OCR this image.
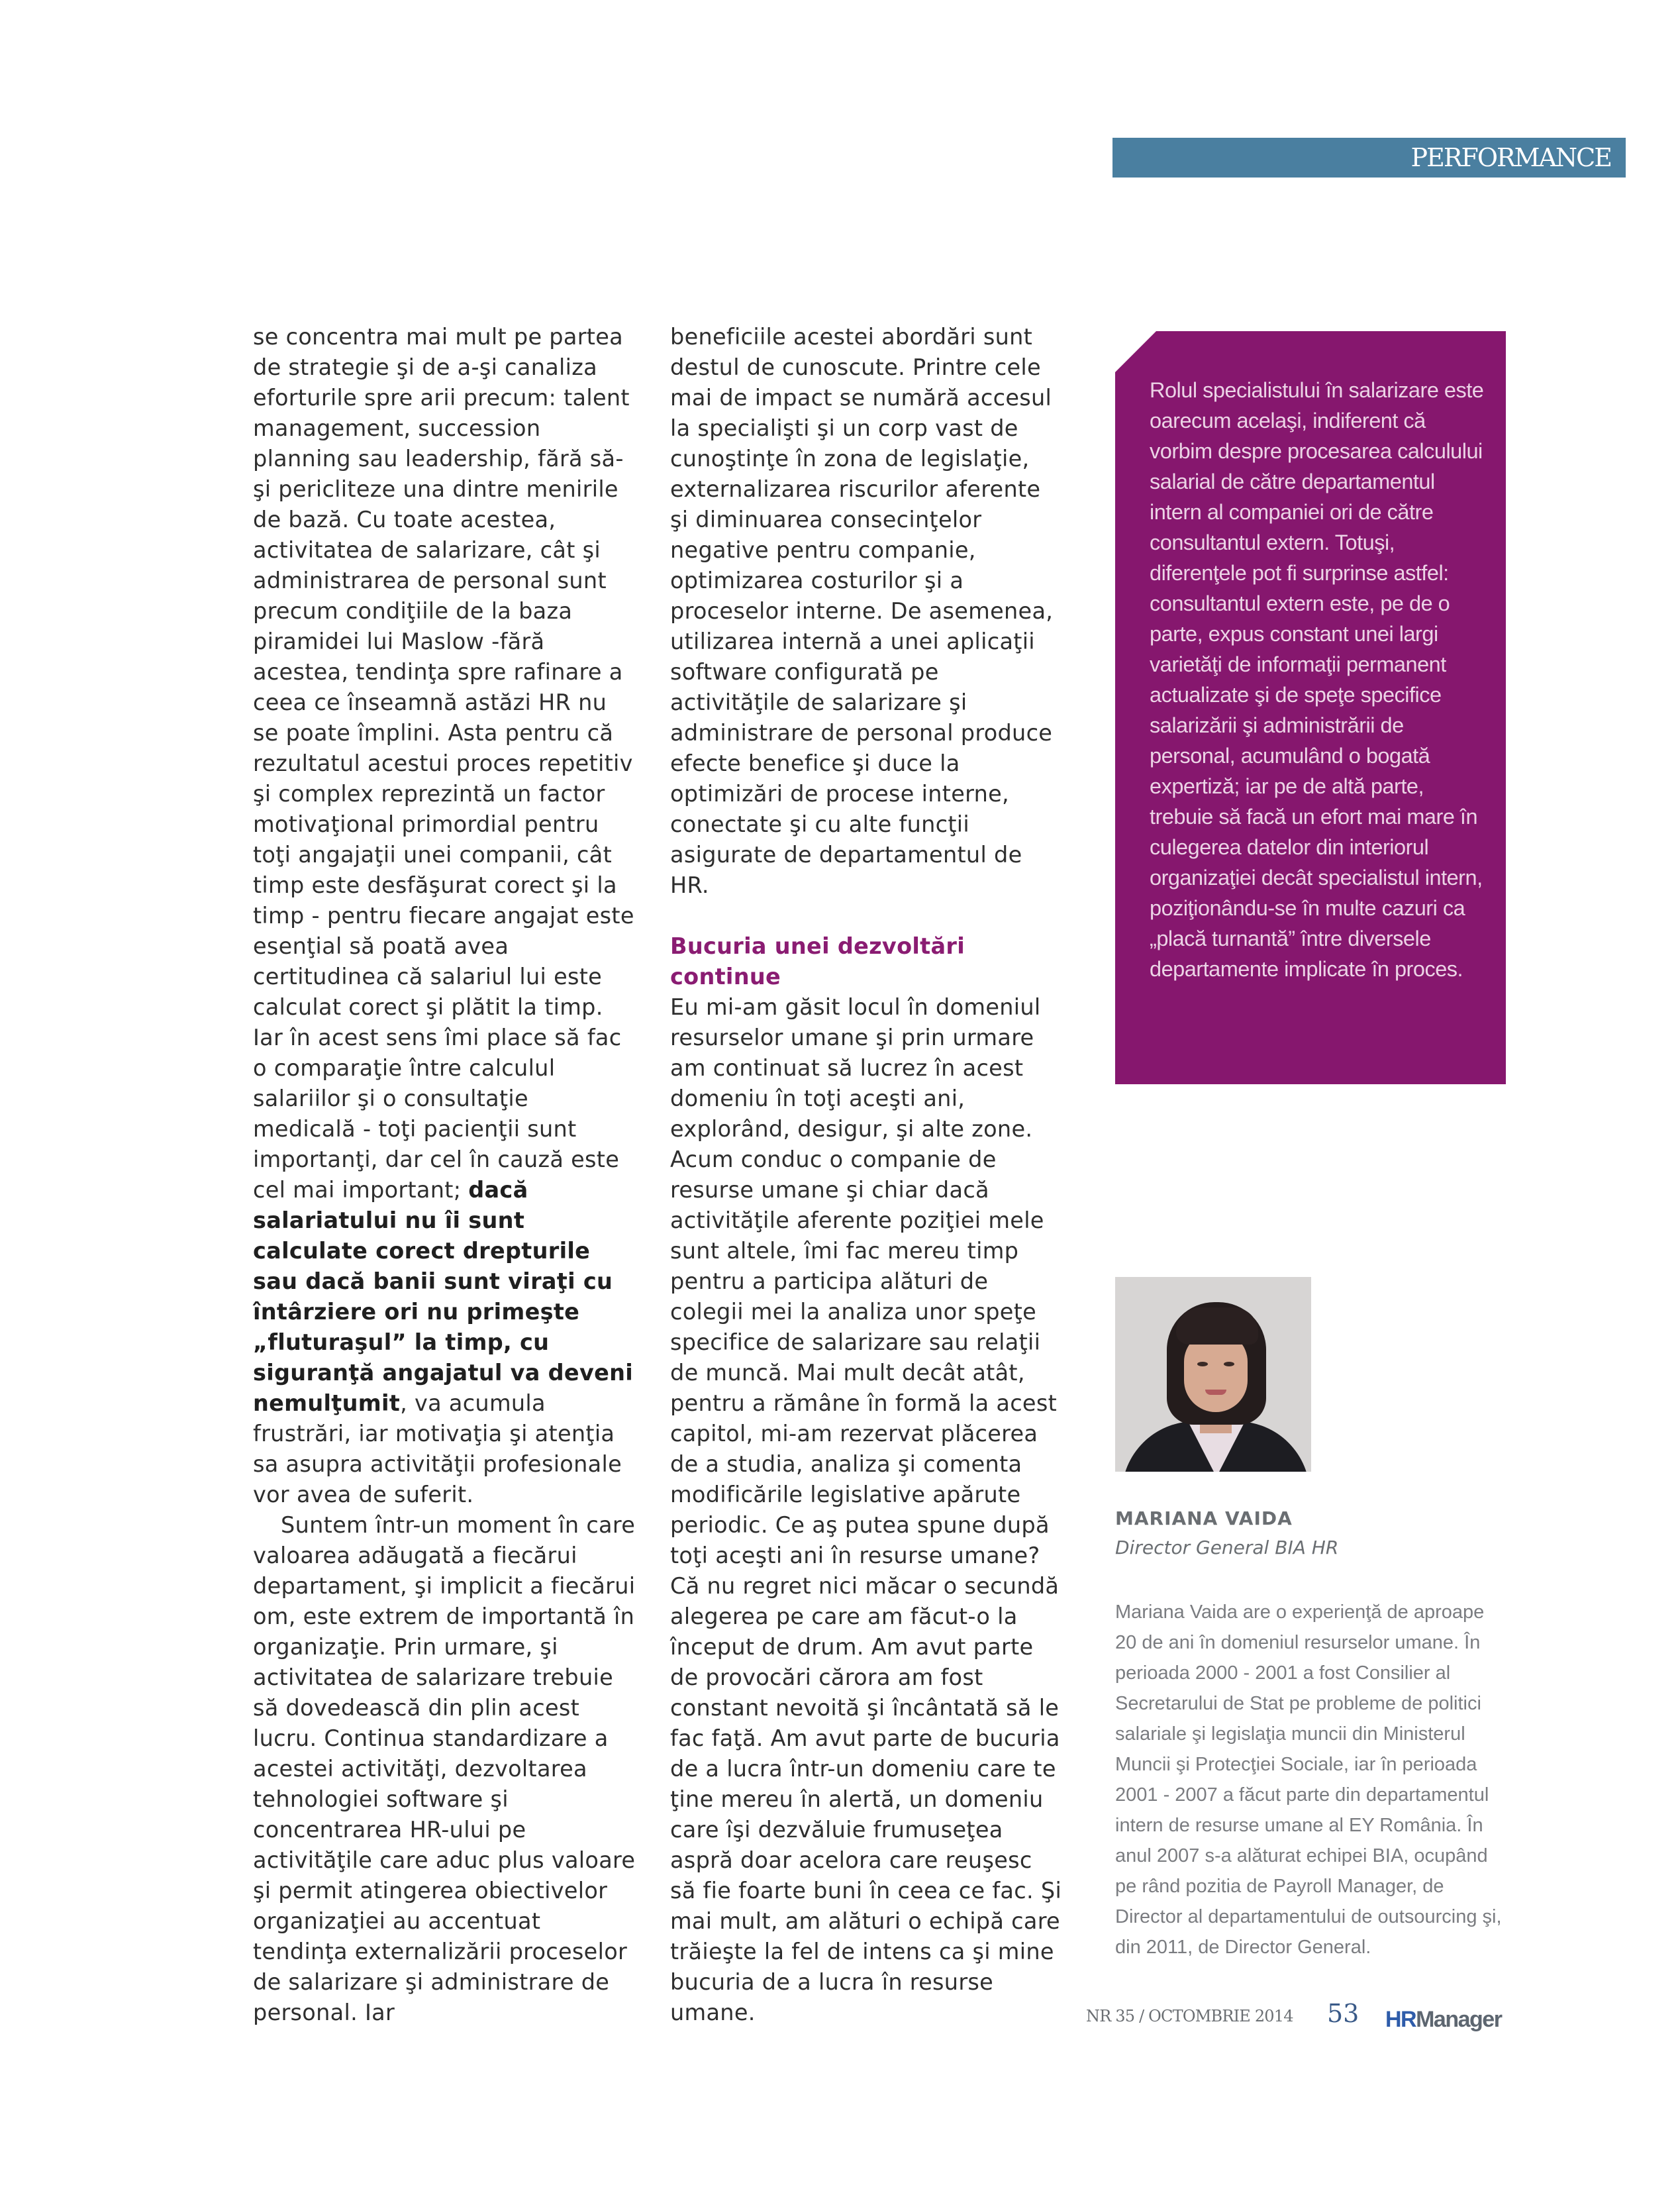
PERFORMANCE

se concentra mai mult pe partea de strategie şi de a-şi canaliza eforturile spre arii precum: talent management, succession planning sau leadership, fără să-şi pericliteze una dintre menirile de bază. Cu toate acestea, activitatea de salarizare, cât şi administrarea de personal sunt precum condiţiile de la baza piramidei lui Maslow -fără acestea, tendinţa spre rafinare a ceea ce înseamnă astăzi HR nu se poate împlini. Asta pentru că rezultatul acestui proces repetitiv şi complex reprezintă un factor motivaţional primordial pentru toţi angajaţii unei companii, cât timp este desfăşurat corect şi la timp - pentru fiecare angajat este esenţial să poată avea certitudinea că salariul lui este calculat corect şi plătit la timp. Iar în acest sens îmi place să fac o comparaţie între calculul salariilor şi o consultaţie medicală - toţi pacienţii sunt importanţi, dar cel în cauză este cel mai important; dacă salariatului nu îi sunt calculate corect drepturile sau dacă banii sunt viraţi cu întârziere ori nu primeşte „fluturaşul” la timp, cu siguranţă angajatul va deveni nemulţumit, va acumula frustrări, iar motivaţia şi atenţia sa asupra activităţii profesionale vor avea de suferit.

Suntem într-un moment în care valoarea adăugată a fiecărui departament, şi implicit a fiecărui om, este extrem de importantă în organizaţie. Prin urmare, şi activitatea de salarizare trebuie să dovedească din plin acest lucru. Continua standardizare a acestei activităţi, dezvoltarea tehnologiei software şi concentrarea HR-ului pe activităţile care aduc plus valoare şi permit atingerea obiectivelor organizaţiei au accentuat tendinţa externalizării proceselor de salarizare şi administrare de personal. Iar

beneficiile acestei abordări sunt destul de cunoscute. Printre cele mai de impact se numără accesul la specialişti şi un corp vast de cunoştinţe în zona de legislaţie, externalizarea riscurilor aferente şi diminuarea consecinţelor negative pentru companie, optimizarea costurilor şi a proceselor interne. De asemenea, utilizarea internă a unei aplicaţii software configurată pe activităţile de salarizare şi administrare de personal produce efecte benefice şi duce la optimizări de procese interne, conectate şi cu alte funcţii asigurate de departamentul de HR.

Bucuria unei dezvoltări continue

Eu mi-am găsit locul în domeniul resurselor umane şi prin urmare am continuat să lucrez în acest domeniu în toţi aceşti ani, explorând, desigur, şi alte zone. Acum conduc o companie de resurse umane şi chiar dacă activităţile aferente poziţiei mele sunt altele, îmi fac mereu timp pentru a participa alături de colegii mei la analiza unor speţe specifice de salarizare sau relaţii de muncă. Mai mult decât atât, pentru a rămâne în formă la acest capitol, mi-am rezervat plăcerea de a studia, analiza şi comenta modificările legislative apărute periodic. Ce aş putea spune după toţi aceşti ani în resurse umane? Că nu regret nici măcar o secundă alegerea pe care am făcut-o la început de drum. Am avut parte de provocări cărora am fost constant nevoită şi încântată să le fac faţă. Am avut parte de bucuria de a lucra într-un domeniu care te ţine mereu în alertă, un domeniu care îşi dezvăluie frumuseţea aspră doar acelora care reuşesc să fie foarte buni în ceea ce fac. Şi mai mult, am alături o echipă care trăieşte la fel de intens ca şi mine bucuria de a lucra în resurse umane.

Rolul specialistului în salarizare este oarecum acelaşi, indiferent că vorbim despre procesarea calculului salarial de către departamentul intern al companiei ori de către consultantul extern. Totuşi, diferenţele pot fi surprinse astfel: consultantul extern este, pe de o parte, expus constant unei largi varietăţi de informaţii permanent actualizate şi de speţe specifice salarizării şi administrării de personal, acumulând o bogată expertiză; iar pe de altă parte, trebuie să facă un efort mai mare în culegerea datelor din interiorul organizaţiei decât specialistul intern, poziţionându-se în multe cazuri ca „placă turnantă” între diversele departamente implicate în proces.
MARIANA VAIDA
Director General BIA HR
Mariana Vaida are o experienţă de aproape 20 de ani în domeniul resurselor umane. În perioada 2000 - 2001 a fost Consilier al Secretarului de Stat pe probleme de politici salariale şi legislaţia muncii din Ministerul Muncii şi Protecţiei Sociale, iar în perioada 2001 - 2007 a făcut parte din departamentul intern de resurse umane al EY România. În anul 2007 s-a alăturat echipei BIA, ocupând pe rând pozitia de Payroll Manager, de Director al departamentului de outsourcing şi, din 2011, de Director General.
NR 35 / OCTOMBRIE 2014 53 HRManager
